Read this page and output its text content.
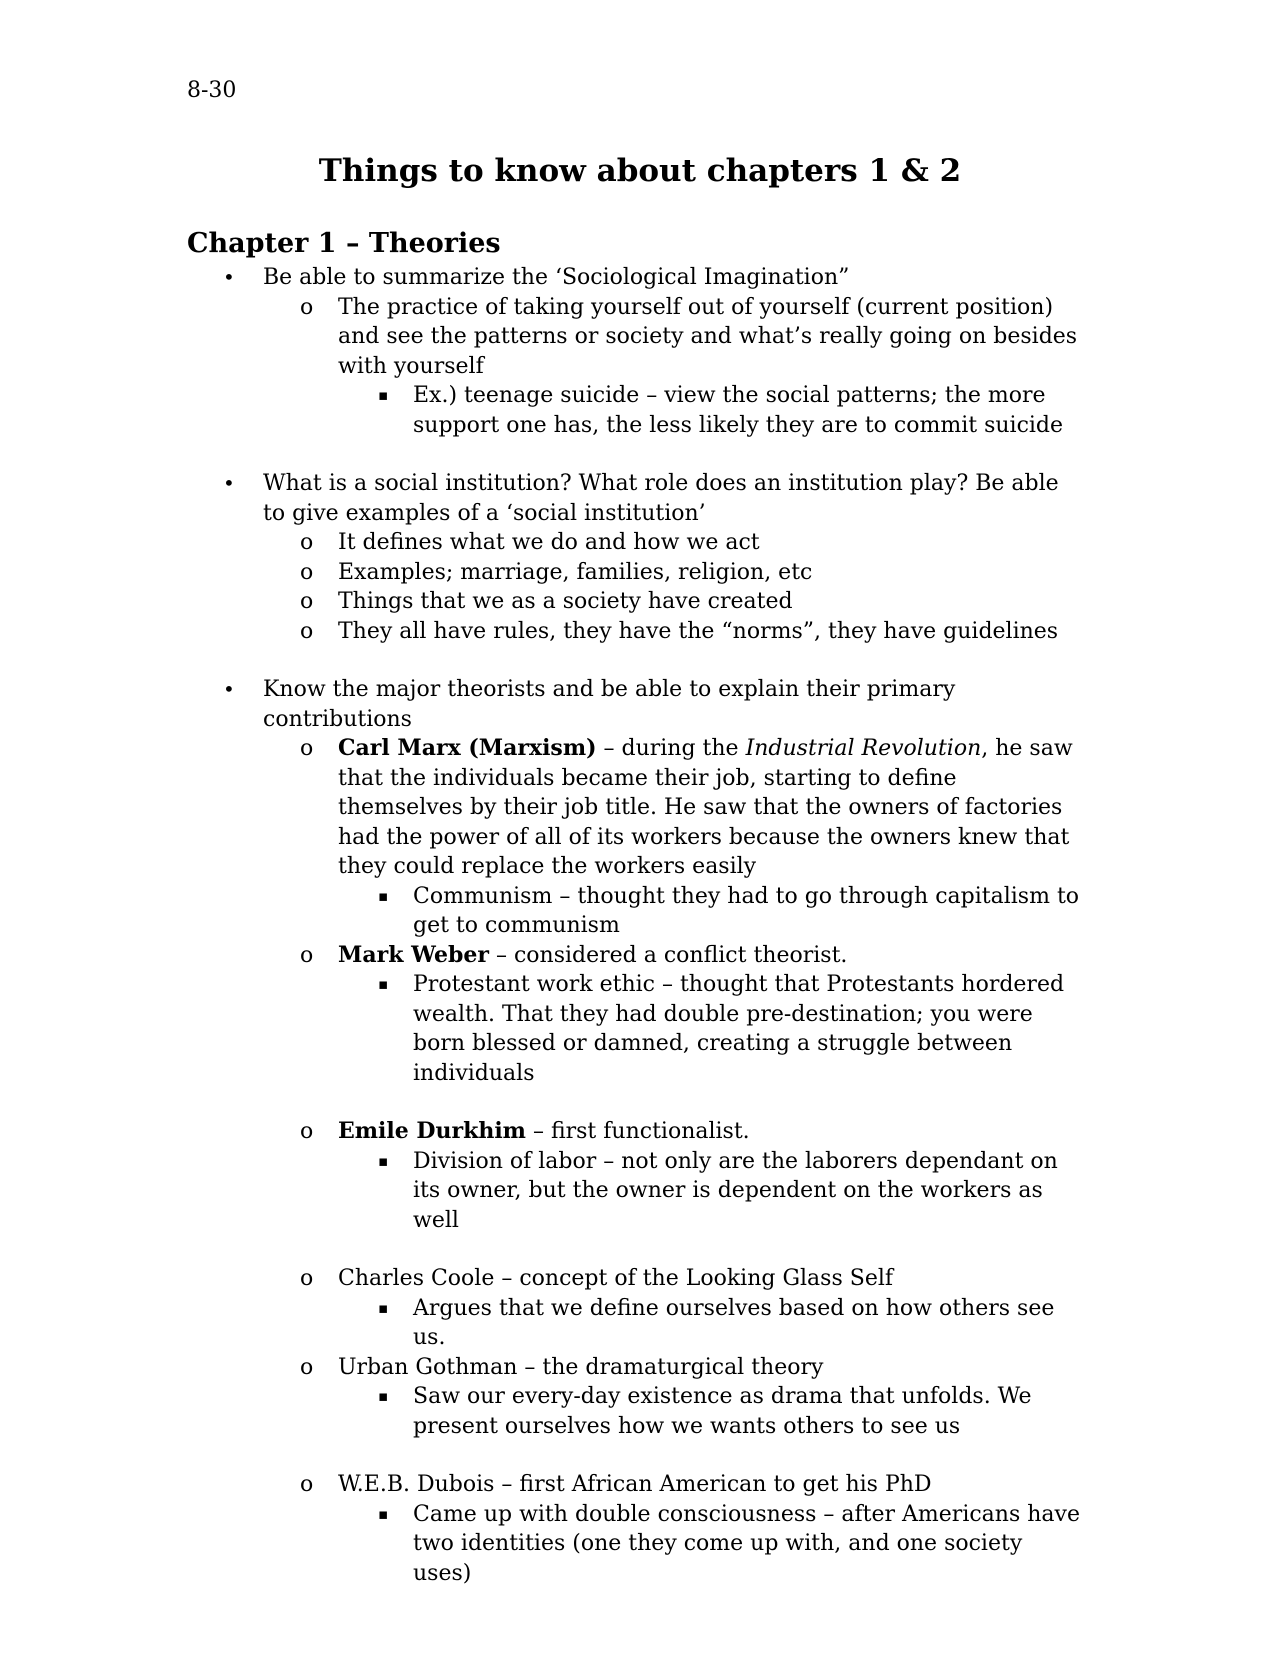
8-30
Things to know about chapters 1 & 2
Chapter 1 – Theories
• Be able to summarize the ‘Sociological Imagination”
o The practice of taking yourself out of yourself (current position) and see the patterns or society and what’s really going on besides with yourself
▪ Ex.) teenage suicide – view the social patterns; the more support one has, the less likely they are to commit suicide
• What is a social institution? What role does an institution play? Be able to give examples of a ‘social institution’
o It defines what we do and how we act
o Examples; marriage, families, religion, etc
o Things that we as a society have created
o They all have rules, they have the “norms”, they have guidelines
• Know the major theorists and be able to explain their primary contributions
o Carl Marx (Marxism) – during the Industrial Revolution, he saw that the individuals became their job, starting to define themselves by their job title. He saw that the owners of factories had the power of all of its workers because the owners knew that they could replace the workers easily
▪ Communism – thought they had to go through capitalism to get to communism
o Mark Weber – considered a conflict theorist.
▪ Protestant work ethic – thought that Protestants hordered wealth. That they had double pre-destination; you were born blessed or damned, creating a struggle between individuals
o Emile Durkhim – first functionalist.
▪ Division of labor – not only are the laborers dependant on its owner, but the owner is dependent on the workers as well
o Charles Coole – concept of the Looking Glass Self
▪ Argues that we define ourselves based on how others see us.
o Urban Gothman – the dramaturgical theory
▪ Saw our every-day existence as drama that unfolds. We present ourselves how we wants others to see us
o W.E.B. Dubois – first African American to get his PhD
▪ Came up with double consciousness – after Americans have two identities (one they come up with, and one society uses)
